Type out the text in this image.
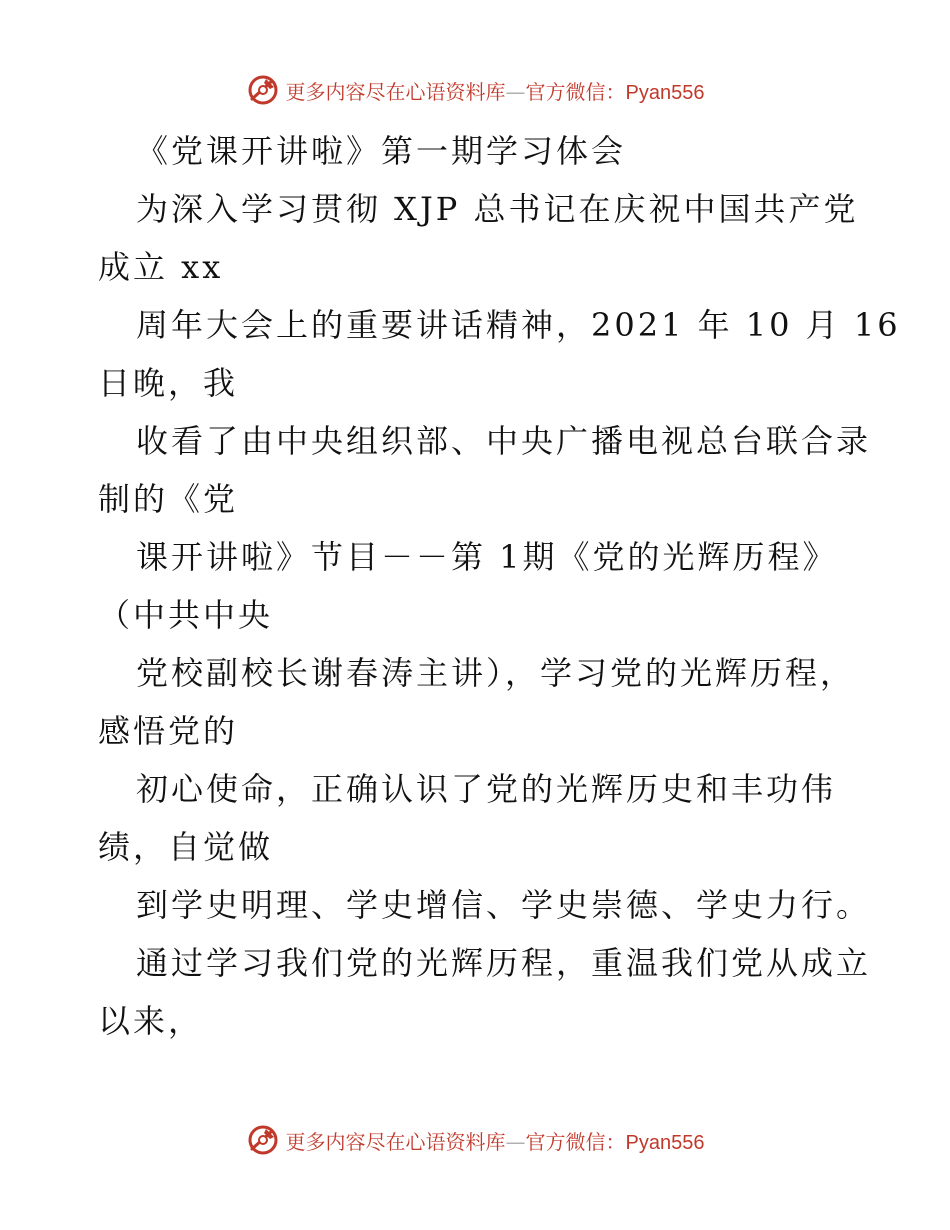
更多内容尽在心语资料库—官方微信：Pyan556
《党课开讲啦》第一期学习体会
为深入学习贯彻 XJP 总书记在庆祝中国共产党
成立 xx
周年大会上的重要讲话精神，2021 年 10 月 16
日晚，我
收看了由中央组织部、中央广播电视总台联合录
制的《党
课开讲啦》节目－－第 1期《党的光辉历程》
（中共中央
党校副校长谢春涛主讲），学习党的光辉历程，
感悟党的
初心使命，正确认识了党的光辉历史和丰功伟
绩，自觉做
到学史明理、学史增信、学史崇德、学史力行。
通过学习我们党的光辉历程，重温我们党从成立
以来，
更多内容尽在心语资料库—官方微信：Pyan556
